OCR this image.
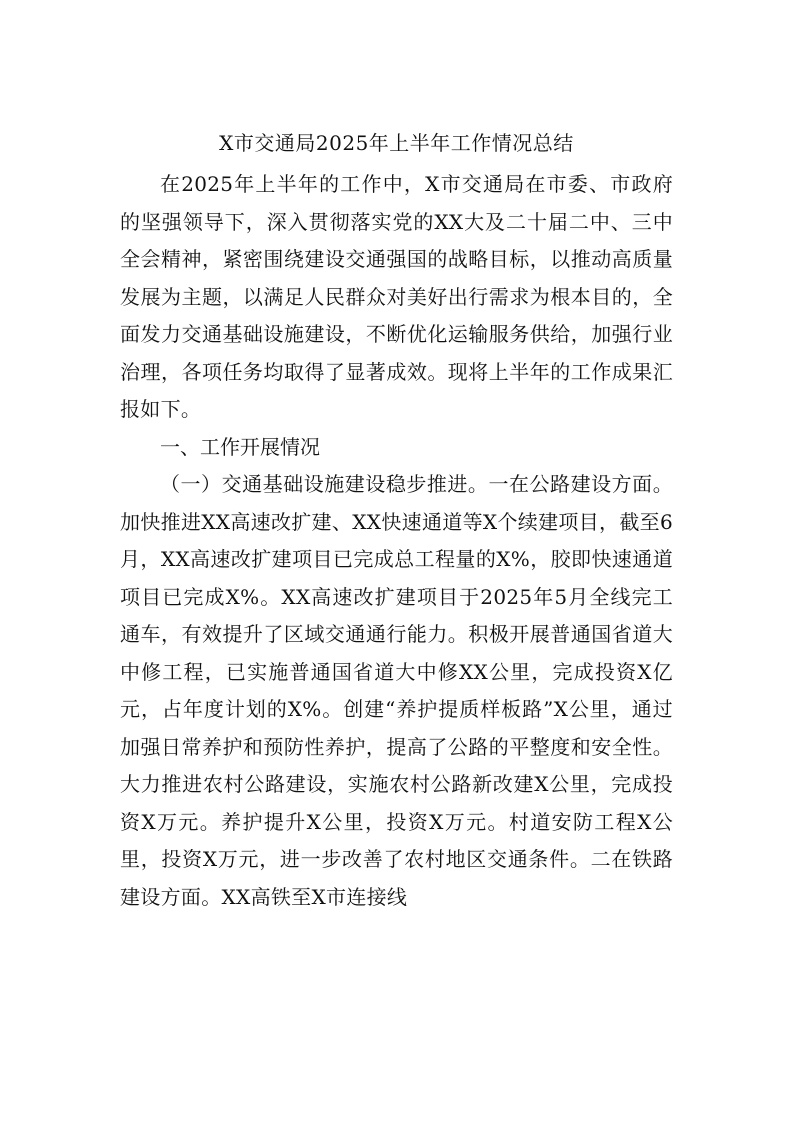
X市交通局2025年上半年工作情况总结

在2025年上半年的工作中，X市交通局在市委、市政府的坚强领导下，深入贯彻落实党的XX大及二十届二中、三中全会精神，紧密围绕建设交通强国的战略目标，以推动高质量发展为主题，以满足人民群众对美好出行需求为根本目的，全面发力交通基础设施建设，不断优化运输服务供给，加强行业治理，各项任务均取得了显著成效。现将上半年的工作成果汇报如下。

一、工作开展情况

（一）交通基础设施建设稳步推进。一在公路建设方面。加快推进XX高速改扩建、XX快速通道等X个续建项目，截至6月，XX高速改扩建项目已完成总工程量的X%，胶即快速通道项目已完成X%。XX高速改扩建项目于2025年5月全线完工通车，有效提升了区域交通通行能力。积极开展普通国省道大中修工程，已实施普通国省道大中修XX公里，完成投资X亿元，占年度计划的X%。创建“养护提质样板路”X公里，通过加强日常养护和预防性养护，提高了公路的平整度和安全性。大力推进农村公路建设，实施农村公路新改建X公里，完成投资X万元。养护提升X公里，投资X万元。村道安防工程X公里，投资X万元，进一步改善了农村地区交通条件。二在铁路建设方面。XX高铁至X市连接线
